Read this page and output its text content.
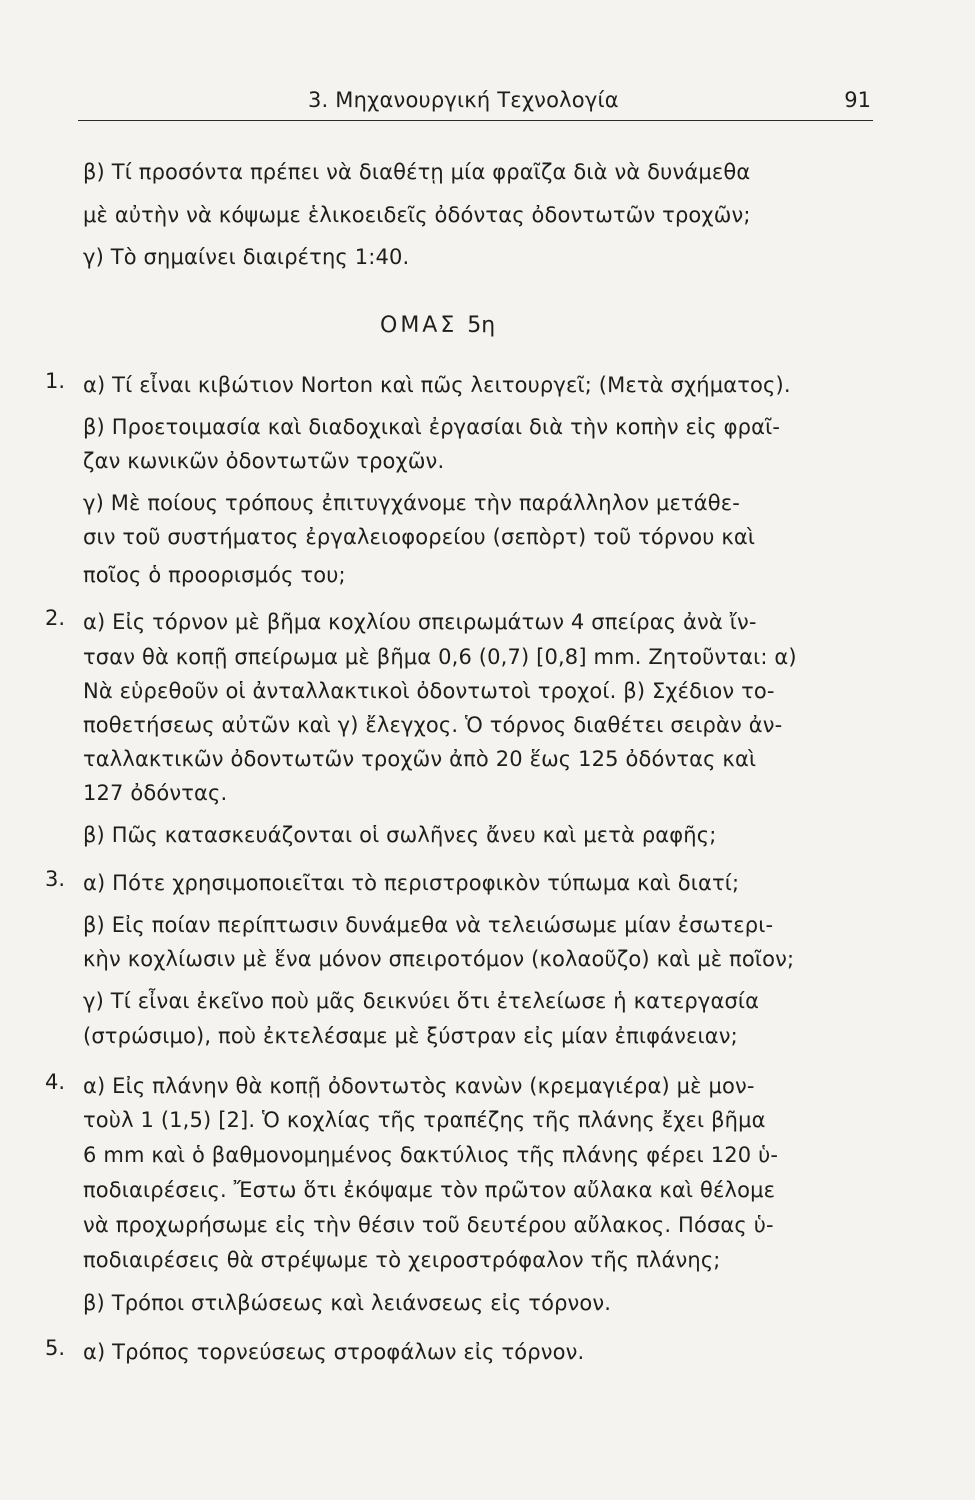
3. Μηχανουργική Τεχνολογία	91
β) Τί προσόντα πρέπει νὰ διαθέτῃ μία φραῖζα διὰ νὰ δυνάμεθα
μὲ αὐτὴν νὰ κόψωμε ἑλικοειδεῖς ὀδόντας ὀδοντωτῶν τροχῶν;
γ) Τὸ σημαίνει διαιρέτης 1:40.
ΟΜΑΣ 5η
1. α) Τί εἶναι κιβώτιον Norton καὶ πῶς λειτουργεῖ; (Μετὰ σχήματος).
β) Προετοιμασία καὶ διαδοχικαὶ ἐργασίαι διὰ τὴν κοπὴν εἰς φραῖ-
ζαν κωνικῶν ὀδοντωτῶν τροχῶν.
γ) Μὲ ποίους τρόπους ἐπιτυγχάνομε τὴν παράλληλον μετάθε-
σιν τοῦ συστήματος ἐργαλειοφορείου (σεπὸρτ) τοῦ τόρνου καὶ
ποῖος ὁ προορισμός του;
2. α) Εἰς τόρνον μὲ βῆμα κοχλίου σπειρωμάτων 4 σπείρας ἀνὰ ἴν-
τσαν θὰ κοπῇ σπείρωμα μὲ βῆμα 0,6 (0,7) [0,8] mm. Ζητοῦνται: α)
Νὰ εὑρεθοῦν οἱ ἀνταλλακτικοὶ ὀδοντωτοὶ τροχοί. β) Σχέδιον το-
ποθετήσεως αὐτῶν καὶ γ) ἔλεγχος. Ὁ τόρνος διαθέτει σειρὰν ἀν-
ταλλακτικῶν ὀδοντωτῶν τροχῶν ἀπὸ 20 ἕως 125 ὀδόντας καὶ
127 ὀδόντας.
β) Πῶς κατασκευάζονται οἱ σωλῆνες ἄνευ καὶ μετὰ ραφῆς;
3. α) Πότε χρησιμοποιεῖται τὸ περιστροφικὸν τύπωμα καὶ διατί;
β) Εἰς ποίαν περίπτωσιν δυνάμεθα νὰ τελειώσωμε μίαν ἐσωτερι-
κὴν κοχλίωσιν μὲ ἕνα μόνον σπειροτόμον (κολαοῦζο) καὶ μὲ ποῖον;
γ) Τί εἶναι ἐκεῖνο ποὺ μᾶς δεικνύει ὅτι ἐτελείωσε ἡ κατεργασία
(στρώσιμο), ποὺ ἐκτελέσαμε μὲ ξύστραν εἰς μίαν ἐπιφάνειαν;
4. α) Εἰς πλάνην θὰ κοπῇ ὀδοντωτὸς κανὼν (κρεμαγιέρα) μὲ μον-
τοὺλ 1 (1,5) [2]. Ὁ κοχλίας τῆς τραπέζης τῆς πλάνης ἔχει βῆμα
6 mm καὶ ὁ βαθμονομημένος δακτύλιος τῆς πλάνης φέρει 120 ὑ-
ποδιαιρέσεις. Ἔστω ὅτι ἐκόψαμε τὸν πρῶτον αὔλακα καὶ θέλομε
νὰ προχωρήσωμε εἰς τὴν θέσιν τοῦ δευτέρου αὔλακος. Πόσας ὑ-
ποδιαιρέσεις θὰ στρέψωμε τὸ χειροστρόφαλον τῆς πλάνης;
β) Τρόποι στιλβώσεως καὶ λειάνσεως εἰς τόρνον.
5. α) Τρόπος τορνεύσεως στροφάλων εἰς τόρνον.
